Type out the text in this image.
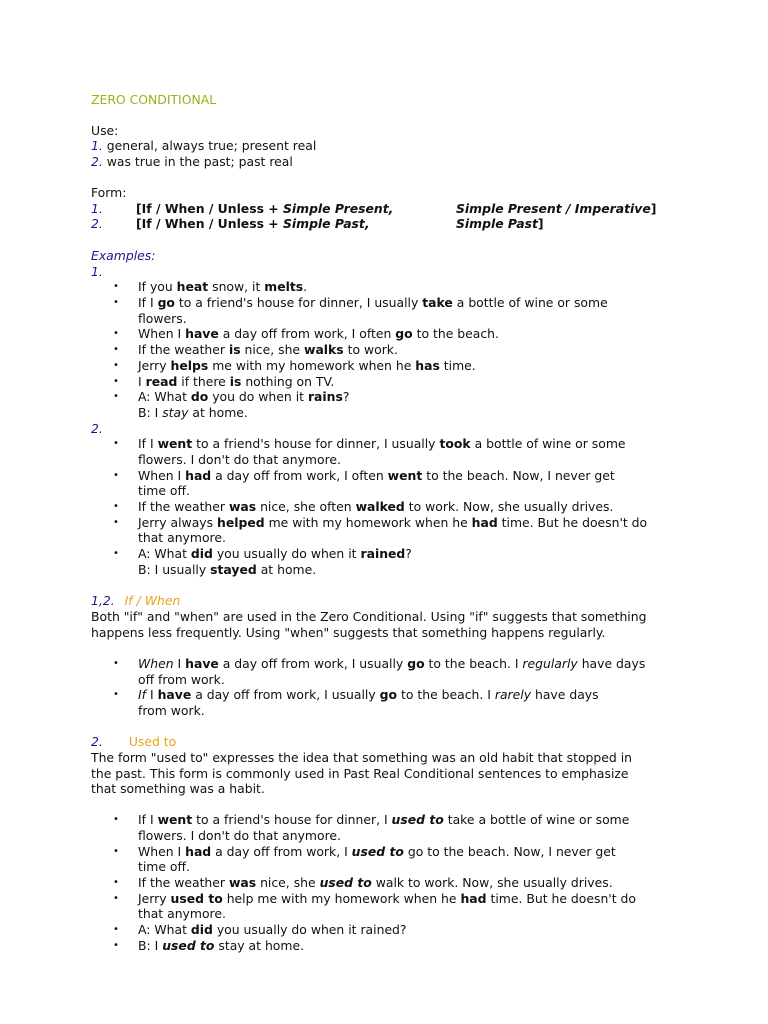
ZERO CONDITIONAL
Use:
1. general, always true; present real
2. was true in the past; past real
Form:
1.	[If / When / Unless + Simple Present,	Simple Present / Imperative]
2.	[If / When / Unless + Simple Past,	Simple Past]
Examples:
1.
• If you heat snow, it melts.
• If I go to a friend's house for dinner, I usually take a bottle of wine or some
flowers.
• When I have a day off from work, I often go to the beach.
• If the weather is nice, she walks to work.
• Jerry helps me with my homework when he has time.
• I read if there is nothing on TV.
• A: What do you do when it rains?
B: I stay at home.
2.
• If I went to a friend's house for dinner, I usually took a bottle of wine or some
flowers. I don't do that anymore.
• When I had a day off from work, I often went to the beach. Now, I never get
time off.
• If the weather was nice, she often walked to work. Now, she usually drives.
• Jerry always helped me with my homework when he had time. But he doesn't do
that anymore.
• A: What did you usually do when it rained?
B: I usually stayed at home.
1,2. If / When
Both "if" and "when" are used in the Zero Conditional. Using "if" suggests that something
happens less frequently. Using "when" suggests that something happens regularly.
• When I have a day off from work, I usually go to the beach. I regularly have days
off from work.
• If I have a day off from work, I usually go to the beach. I rarely have days
from work.
2. Used to
The form "used to" expresses the idea that something was an old habit that stopped in
the past. This form is commonly used in Past Real Conditional sentences to emphasize
that something was a habit.
• If I went to a friend's house for dinner, I used to take a bottle of wine or some
flowers. I don't do that anymore.
• When I had a day off from work, I used to go to the beach. Now, I never get
time off.
• If the weather was nice, she used to walk to work. Now, she usually drives.
• Jerry used to help me with my homework when he had time. But he doesn't do
that anymore.
• A: What did you usually do when it rained?
• B: I used to stay at home.
